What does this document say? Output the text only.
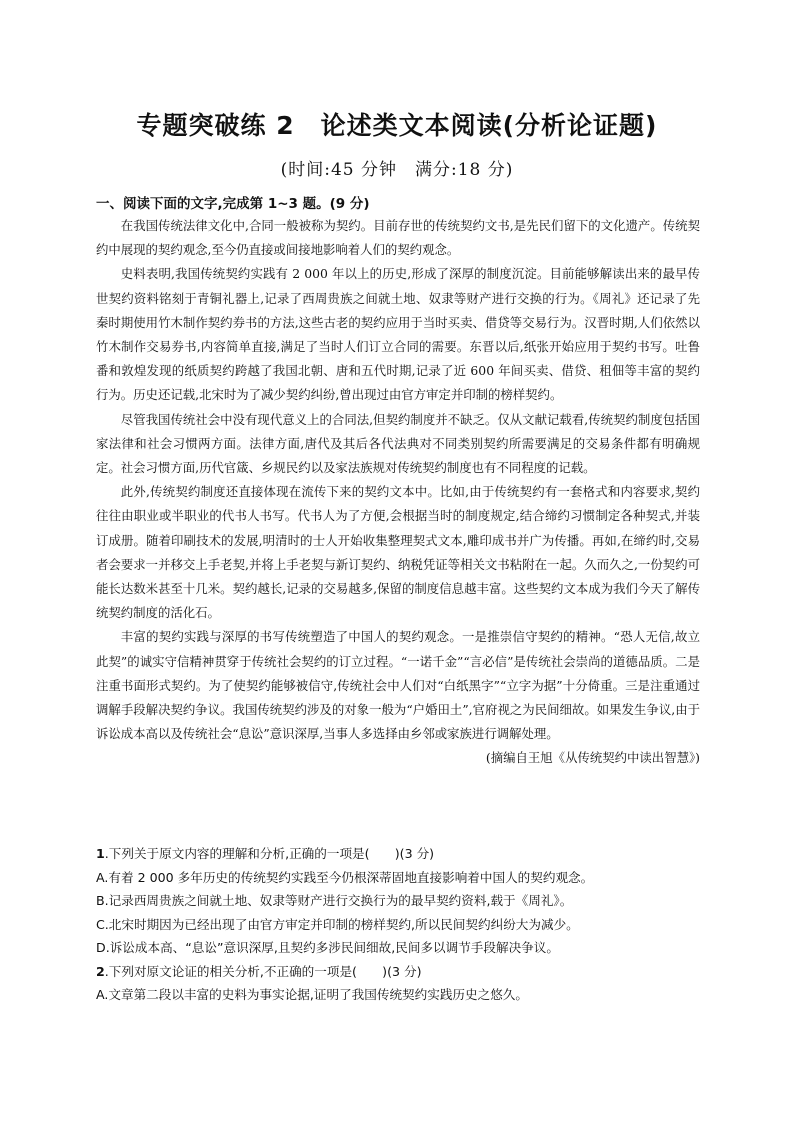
专题突破练 2　论述类文本阅读(分析论证题)
(时间:45 分钟　满分:18 分)
一、阅读下面的文字,完成第 1~3 题。(9 分)

在我国传统法律文化中,合同一般被称为契约。目前存世的传统契约文书,是先民们留下的文化遗产。传统契约中展现的契约观念,至今仍直接或间接地影响着人们的契约观念。

史料表明,我国传统契约实践有 2 000 年以上的历史,形成了深厚的制度沉淀。目前能够解读出来的最早传世契约资料铭刻于青铜礼器上,记录了西周贵族之间就土地、奴隶等财产进行交换的行为。《周礼》还记录了先秦时期使用竹木制作契约券书的方法,这些古老的契约应用于当时买卖、借贷等交易行为。汉晋时期,人们依然以竹木制作交易券书,内容简单直接,满足了当时人们订立合同的需要。东晋以后,纸张开始应用于契约书写。吐鲁番和敦煌发现的纸质契约跨越了我国北朝、唐和五代时期,记录了近 600 年间买卖、借贷、租佃等丰富的契约行为。历史还记载,北宋时为了减少契约纠纷,曾出现过由官方审定并印制的榜样契约。

尽管我国传统社会中没有现代意义上的合同法,但契约制度并不缺乏。仅从文献记载看,传统契约制度包括国家法律和社会习惯两方面。法律方面,唐代及其后各代法典对不同类别契约所需要满足的交易条件都有明确规定。社会习惯方面,历代官箴、乡规民约以及家法族规对传统契约制度也有不同程度的记载。

此外,传统契约制度还直接体现在流传下来的契约文本中。比如,由于传统契约有一套格式和内容要求,契约往往由职业或半职业的代书人书写。代书人为了方便,会根据当时的制度规定,结合缔约习惯制定各种契式,并装订成册。随着印刷技术的发展,明清时的士人开始收集整理契式文本,雕印成书并广为传播。再如,在缔约时,交易者会要求一并移交上手老契,并将上手老契与新订契约、纳税凭证等相关文书粘附在一起。久而久之,一份契约可能长达数米甚至十几米。契约越长,记录的交易越多,保留的制度信息越丰富。这些契约文本成为我们今天了解传统契约制度的活化石。

丰富的契约实践与深厚的书写传统塑造了中国人的契约观念。一是推崇信守契约的精神。“恐人无信,故立此契”的诚实守信精神贯穿于传统社会契约的订立过程。“一诺千金”“言必信”是传统社会崇尚的道德品质。二是注重书面形式契约。为了使契约能够被信守,传统社会中人们对“白纸黑字”“立字为据”十分倚重。三是注重通过调解手段解决契约争议。我国传统契约涉及的对象一般为“户婚田土”,官府视之为民间细故。如果发生争议,由于诉讼成本高以及传统社会“息讼”意识深厚,当事人多选择由乡邻或家族进行调解处理。

(摘编自王旭《从传统契约中读出智慧》)

1.下列关于原文内容的理解和分析,正确的一项是(　　)(3 分)

A.有着 2 000 多年历史的传统契约实践至今仍根深蒂固地直接影响着中国人的契约观念。

B.记录西周贵族之间就土地、奴隶等财产进行交换行为的最早契约资料,载于《周礼》。

C.北宋时期因为已经出现了由官方审定并印制的榜样契约,所以民间契约纠纷大为减少。

D.诉讼成本高、“息讼”意识深厚,且契约多涉民间细故,民间多以调节手段解决争议。

2.下列对原文论证的相关分析,不正确的一项是(　　)(3 分)

A.文章第二段以丰富的史料为事实论据,证明了我国传统契约实践历史之悠久。
